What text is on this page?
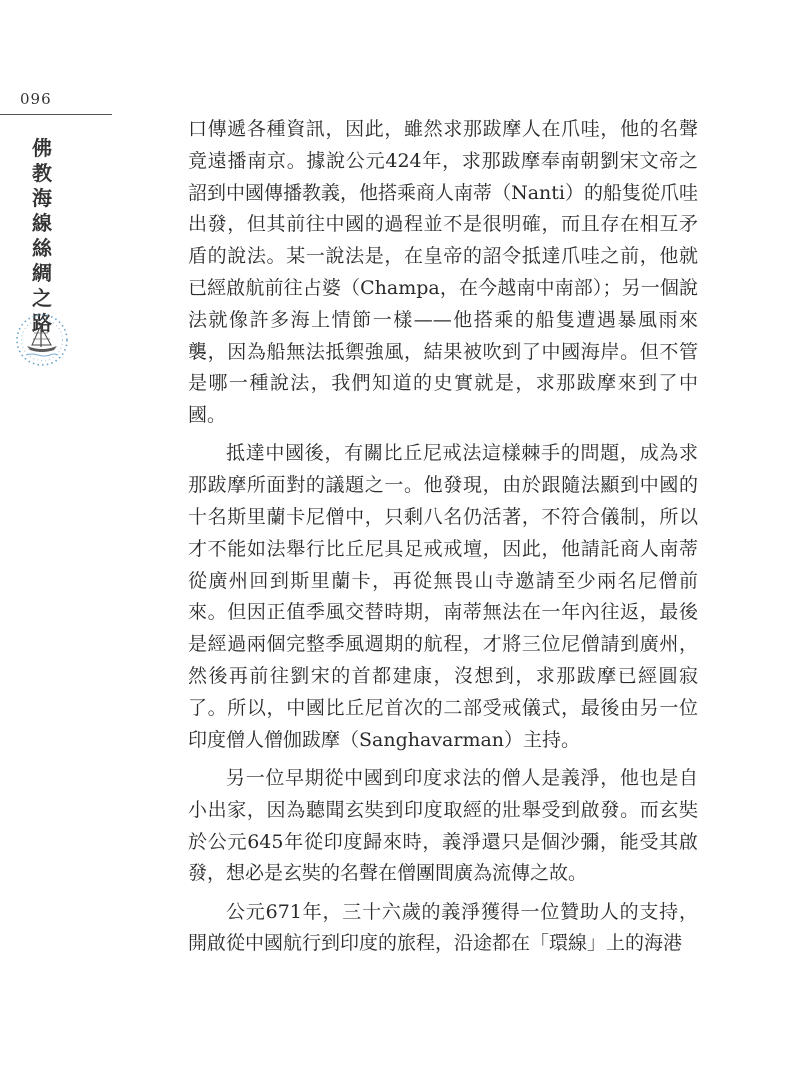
096
佛教海線絲綢之路

口傳遞各種資訊，因此，雖然求那跋摩人在爪哇，他的名聲竟遠播南京。據說公元424年，求那跋摩奉南朝劉宋文帝之詔到中國傳播教義，他搭乘商人南蒂（Nanti）的船隻從爪哇出發，但其前往中國的過程並不是很明確，而且存在相互矛盾的說法。某一說法是，在皇帝的詔令抵達爪哇之前，他就已經啟航前往占婆（Champa，在今越南中南部）；另一個說法就像許多海上情節一樣——他搭乘的船隻遭遇暴風雨來襲，因為船無法抵禦強風，結果被吹到了中國海岸。但不管是哪一種說法，我們知道的史實就是，求那跋摩來到了中國。

抵達中國後，有關比丘尼戒法這樣棘手的問題，成為求那跋摩所面對的議題之一。他發現，由於跟隨法顯到中國的十名斯里蘭卡尼僧中，只剩八名仍活著，不符合儀制，所以才不能如法舉行比丘尼具足戒戒壇，因此，他請託商人南蒂從廣州回到斯里蘭卡，再從無畏山寺邀請至少兩名尼僧前來。但因正值季風交替時期，南蒂無法在一年內往返，最後是經過兩個完整季風週期的航程，才將三位尼僧請到廣州，然後再前往劉宋的首都建康，沒想到，求那跋摩已經圓寂了。所以，中國比丘尼首次的二部受戒儀式，最後由另一位印度僧人僧伽跋摩（Sanghavarman）主持。

另一位早期從中國到印度求法的僧人是義淨，他也是自小出家，因為聽聞玄奘到印度取經的壯舉受到啟發。而玄奘於公元645年從印度歸來時，義淨還只是個沙彌，能受其啟發，想必是玄奘的名聲在僧團間廣為流傳之故。

公元671年，三十六歲的義淨獲得一位贊助人的支持，開啟從中國航行到印度的旅程，沿途都在「環線」上的海港
